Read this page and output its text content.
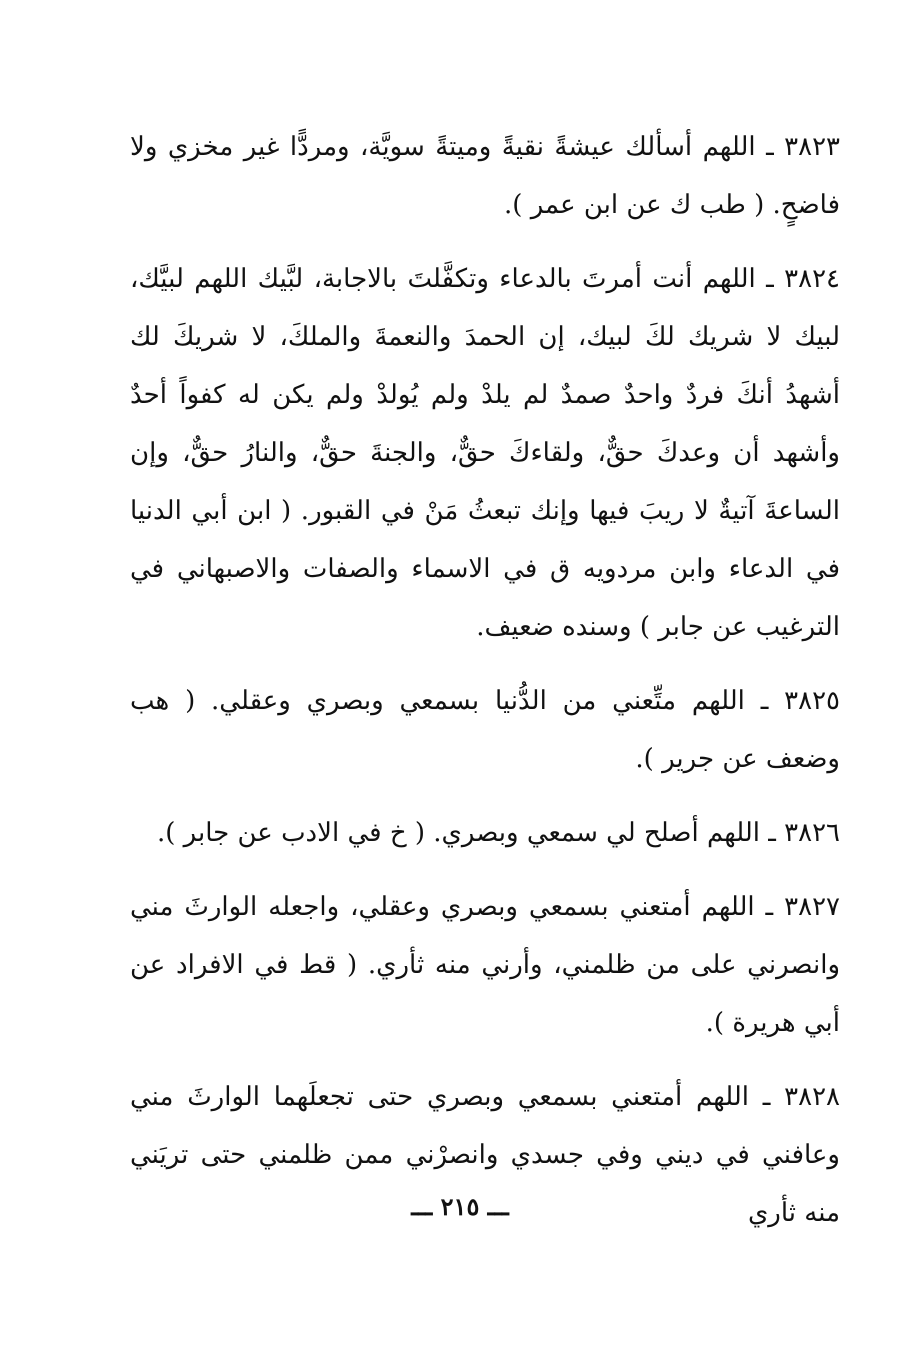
٣٨٢٣ ـ اللهم أسألك عيشةً نقيةً وميتةً سويَّة، ومردًّا غير مخزي ولا فاضحٍ. ( طب ك عن ابن عمر ).

٣٨٢٤ ـ اللهم أنت أمرتَ بالدعاء وتكفَّلتَ بالاجابة، لبَّيك اللهم لبيَّك، لبيك لا شريك لكَ لبيك، إن الحمدَ والنعمةَ والملكَ، لا شريكَ لك أشهدُ أنكَ فردٌ واحدٌ صمدٌ لم يلدْ ولم يُولدْ ولم يكن له كفواً أحدٌ وأشهد أن وعدكَ حقٌّ، ولقاءكَ حقٌّ، والجنةَ حقٌّ، والنارُ حقٌّ، وإن الساعةَ آتيةٌ لا ريبَ فيها وإنك تبعثُ مَنْ في القبور. ( ابن أبي الدنيا في الدعاء وابن مردويه ق في الاسماء والصفات والاصبهاني في الترغيب عن جابر ) وسنده ضعيف.

٣٨٢٥ ـ اللهم متِّعني من الدُّنيا بسمعي وبصري وعقلي. ( هب وضعف عن جرير ).

٣٨٢٦ ـ اللهم أصلح لي سمعي وبصري. ( خ في الادب عن جابر ).

٣٨٢٧ ـ اللهم أمتعني بسمعي وبصري وعقلي، واجعله الوارثَ مني وانصرني على من ظلمني، وأرني منه ثأري. ( قط في الافراد عن أبي هريرة ).

٣٨٢٨ ـ اللهم أمتعني بسمعي وبصري حتى تجعلَهما الوارثَ مني وعافني في ديني وفي جسدي وانصرْني ممن ظلمني حتى تريَني منه ثأري

ـــ ٢١٥ ـــ
